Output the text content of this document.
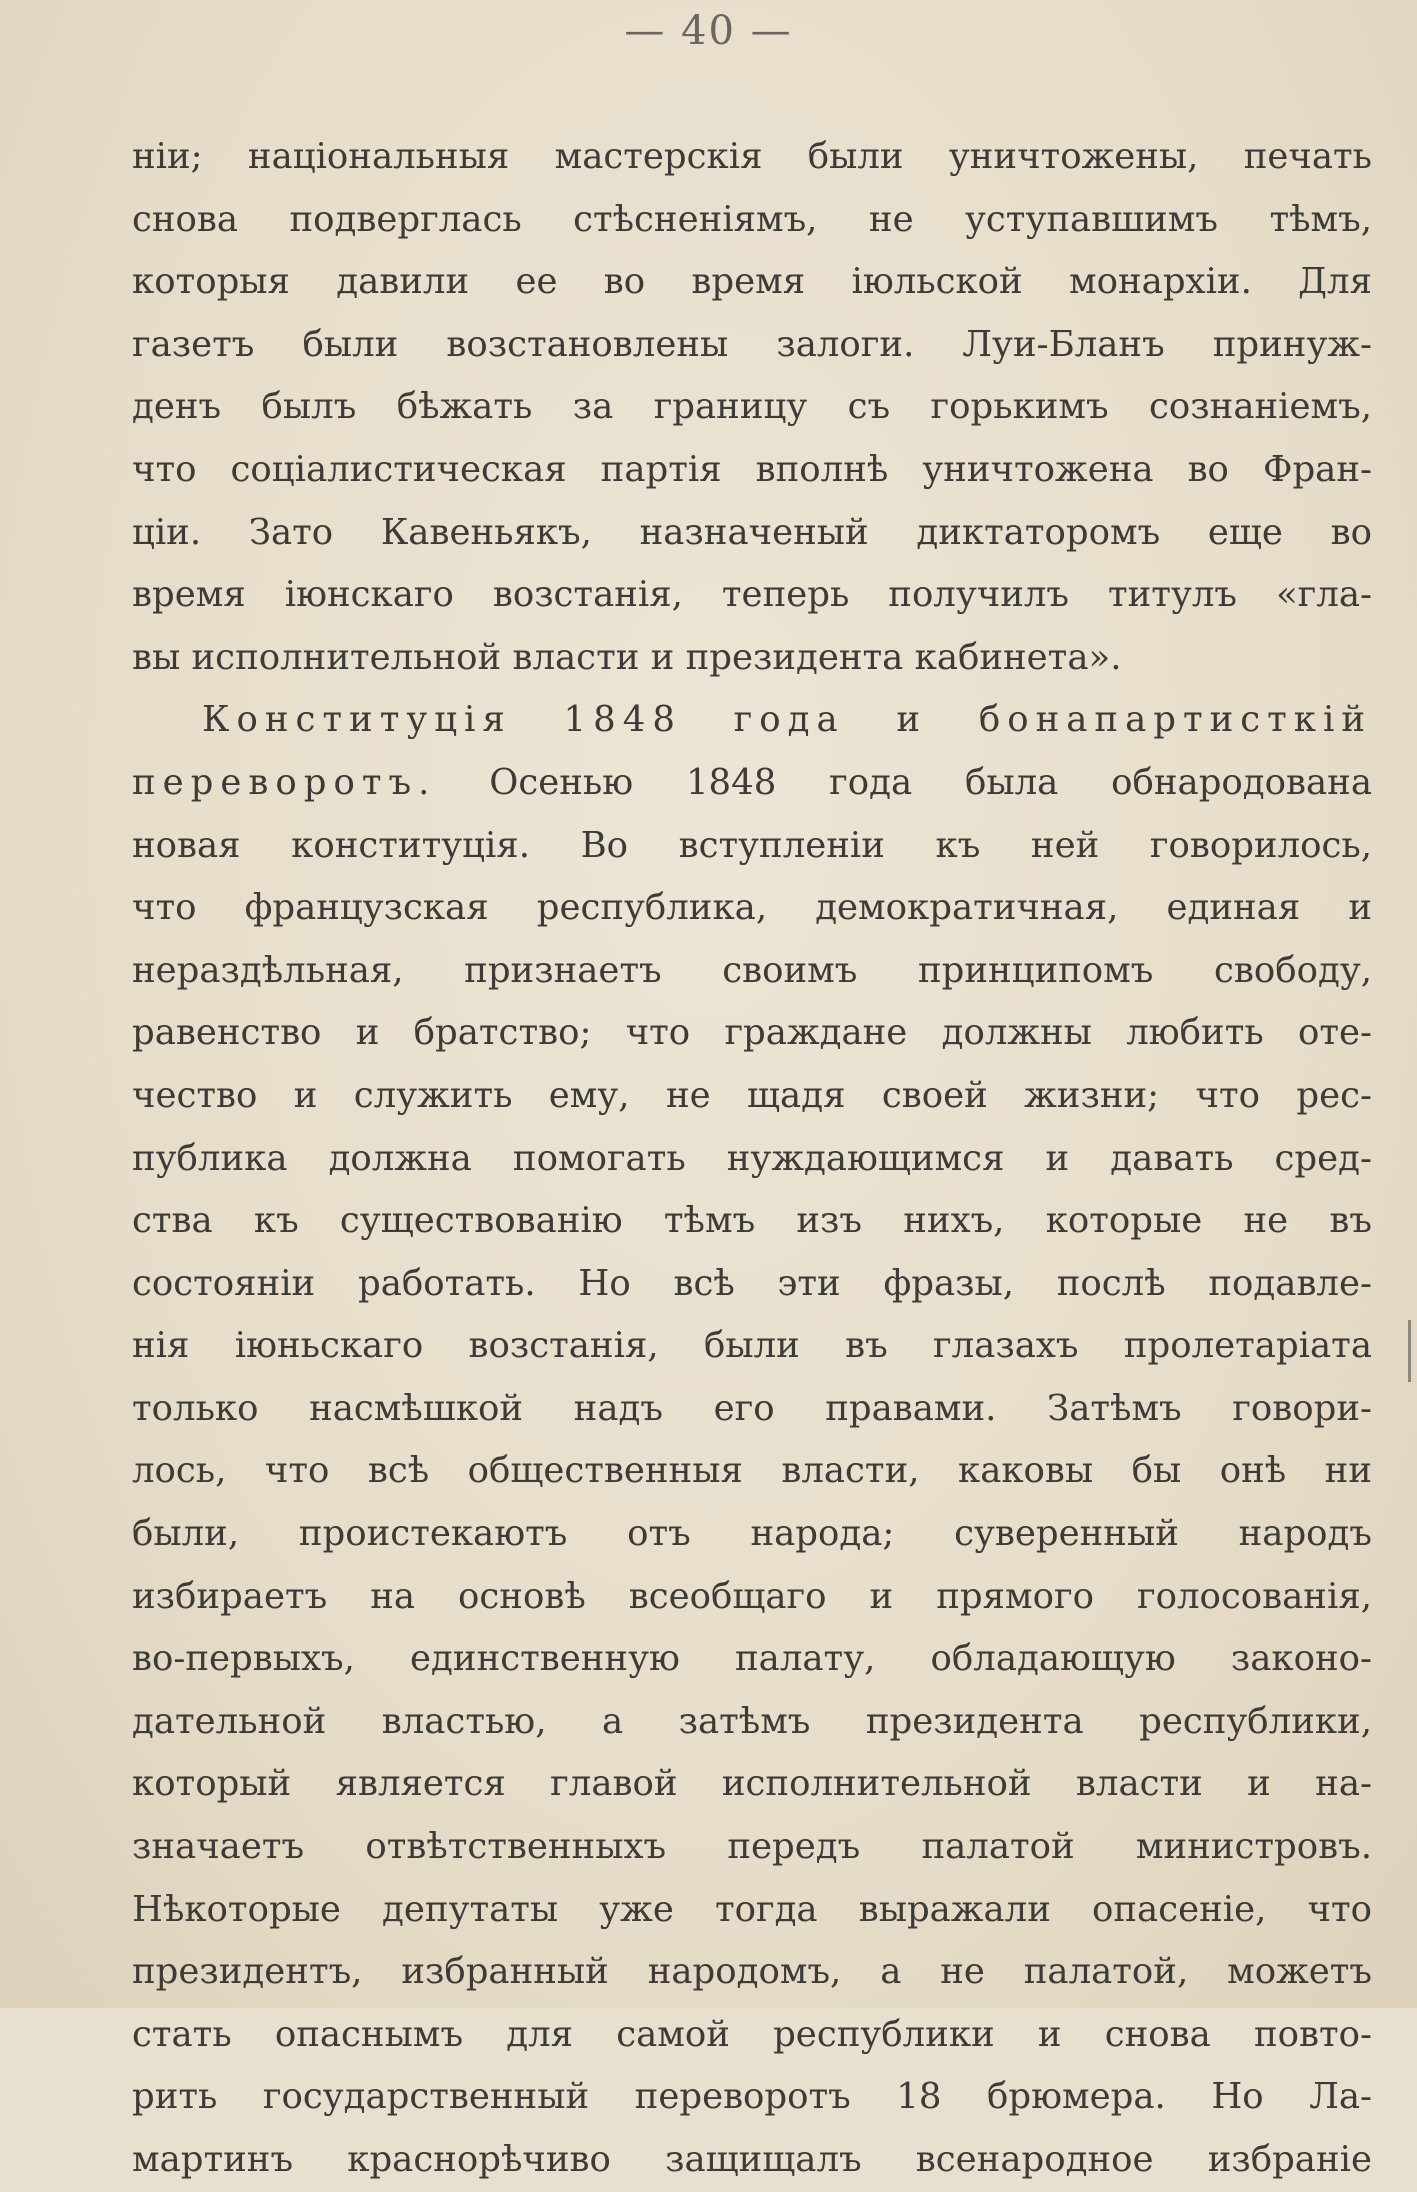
— 40 —
ніи; національныя мастерскія были уничтожены, печать
снова подверглась стѣсненіямъ, не уступавшимъ тѣмъ,
которыя давили ее во время іюльской монархіи. Для
газетъ были возстановлены залоги. Луи-Бланъ принуж-
денъ былъ бѣжать за границу съ горькимъ сознаніемъ,
что соціалистическая партія вполнѣ уничтожена во Фран-
ціи. Зато Кавеньякъ, назначеный диктаторомъ еще во
время іюнскаго возстанія, теперь получилъ титулъ «гла-
вы исполнительной власти и президента кабинета».
Конституція 1848 года и бонапартисткій
переворотъ. Осенью 1848 года была обнародована
новая конституція. Во вступленіи къ ней говорилось,
что французская республика, демократичная, единая и
нераздѣльная, признаетъ своимъ принципомъ свободу,
равенство и братство; что граждане должны любить оте-
чество и служить ему, не щадя своей жизни; что рес-
публика должна помогать нуждающимся и давать сред-
ства къ существованію тѣмъ изъ нихъ, которые не въ
состояніи работать. Но всѣ эти фразы, послѣ подавле-
нія іюньскаго возстанія, были въ глазахъ пролетаріата
только насмѣшкой надъ его правами. Затѣмъ говори-
лось, что всѣ общественныя власти, каковы бы онѣ ни
были, проистекаютъ отъ народа; суверенный народъ
избираетъ на основѣ всеобщаго и прямого голосованія,
во-первыхъ, единственную палату, обладающую законо-
дательной властью, а затѣмъ президента республики,
который является главой исполнительной власти и на-
значаетъ отвѣтственныхъ передъ палатой министровъ.
Нѣкоторые депутаты уже тогда выражали опасеніе, что
президентъ, избранный народомъ, а не палатой, можетъ
стать опаснымъ для самой республики и снова повто-
рить государственный переворотъ 18 брюмера. Но Ла-
мартинъ краснорѣчиво защищалъ всенародное избраніе
